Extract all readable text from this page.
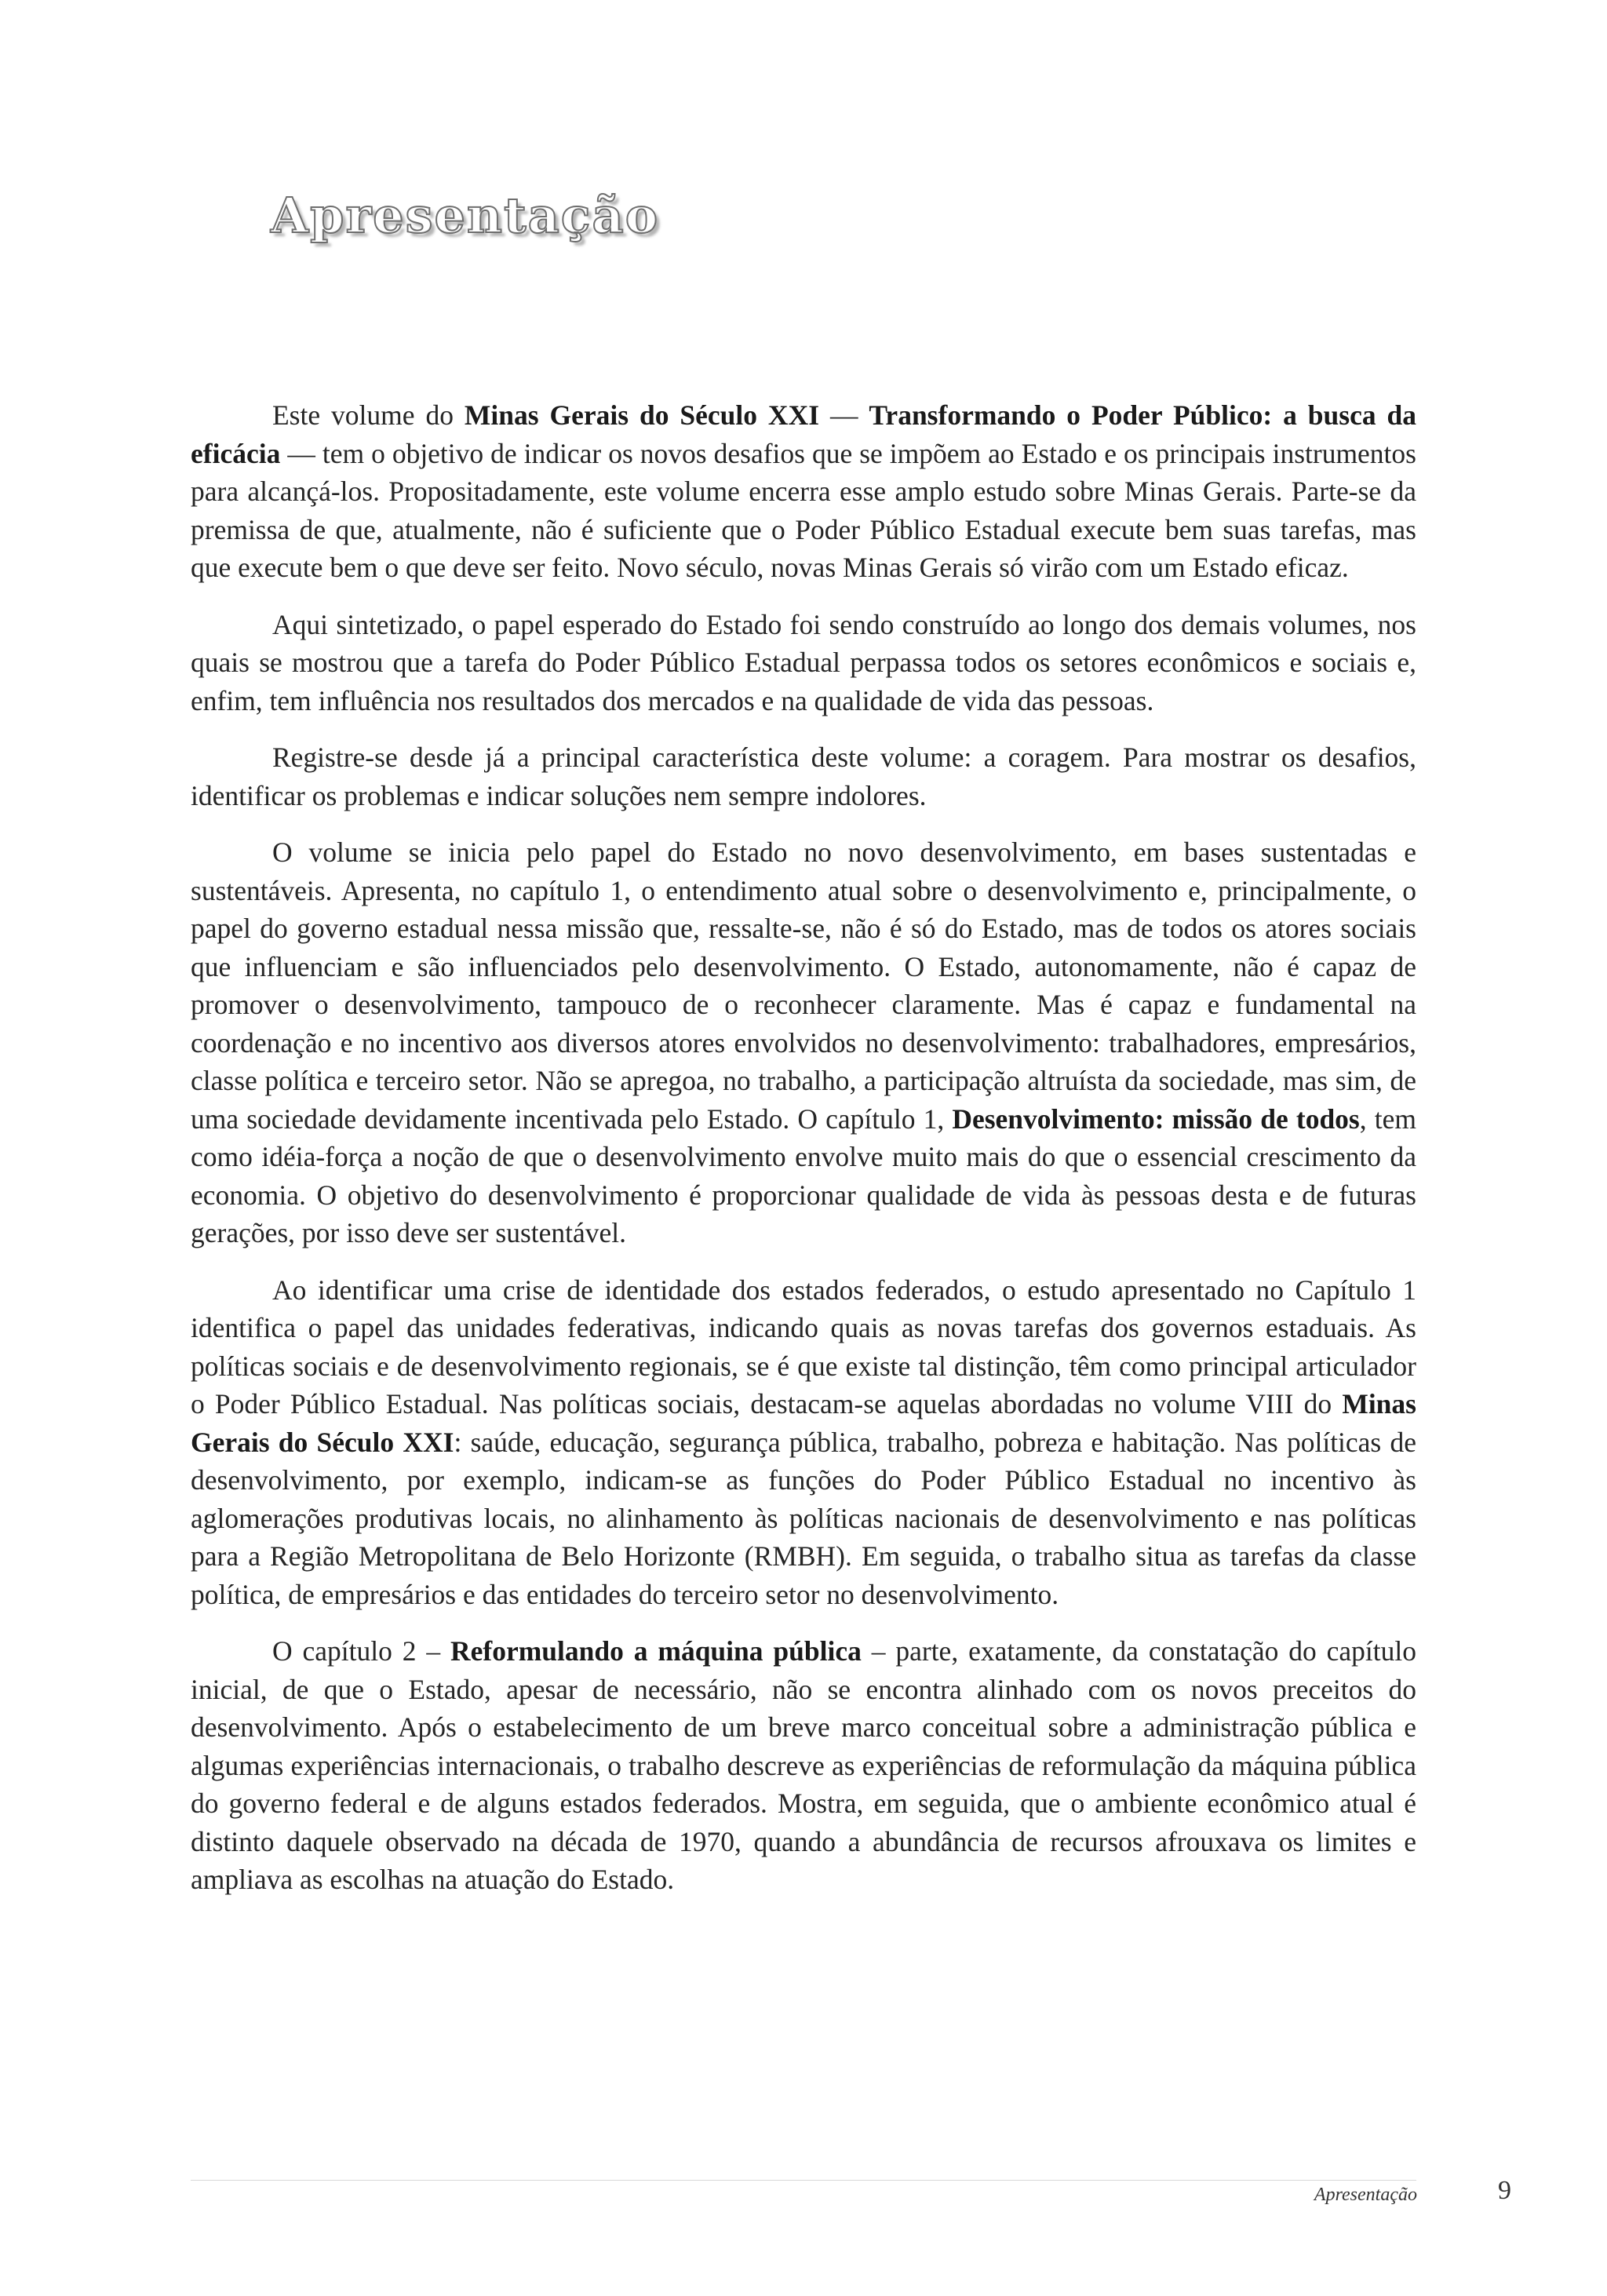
Apresentação

Este volume do Minas Gerais do Século XXI — Transformando o Poder Público: a busca da eficácia — tem o objetivo de indicar os novos desafios que se impõem ao Estado e os principais instrumentos para alcançá-los. Propositadamente, este volume encerra esse amplo estudo sobre Minas Gerais. Parte-se da premissa de que, atualmente, não é suficiente que o Poder Público Estadual execute bem suas tarefas, mas que execute bem o que deve ser feito. Novo século, novas Minas Gerais só virão com um Estado eficaz.

Aqui sintetizado, o papel esperado do Estado foi sendo construído ao longo dos demais volumes, nos quais se mostrou que a tarefa do Poder Público Estadual perpassa todos os setores econômicos e sociais e, enfim, tem influência nos resultados dos mercados e na qualidade de vida das pessoas.

Registre-se desde já a principal característica deste volume: a coragem. Para mostrar os desafios, identificar os problemas e indicar soluções nem sempre indolores.

O volume se inicia pelo papel do Estado no novo desenvolvimento, em bases sustentadas e sustentáveis. Apresenta, no capítulo 1, o entendimento atual sobre o desenvolvimento e, principalmente, o papel do governo estadual nessa missão que, ressalte-se, não é só do Estado, mas de todos os atores sociais que influenciam e são influenciados pelo desenvolvimento. O Estado, autonomamente, não é capaz de promover o desenvolvimento, tampouco de o reconhecer claramente. Mas é capaz e fundamental na coordenação e no incentivo aos diversos atores envolvidos no desenvolvimento: trabalhadores, empresários, classe política e terceiro setor. Não se apregoa, no trabalho, a participação altruísta da sociedade, mas sim, de uma sociedade devidamente incentivada pelo Estado. O capítulo 1, Desenvolvimento: missão de todos, tem como idéia-força a noção de que o desenvolvimento envolve muito mais do que o essencial crescimento da economia. O objetivo do desenvolvimento é proporcionar qualidade de vida às pessoas desta e de futuras gerações, por isso deve ser sustentável.

Ao identificar uma crise de identidade dos estados federados, o estudo apresentado no Capítulo 1 identifica o papel das unidades federativas, indicando quais as novas tarefas dos governos estaduais. As políticas sociais e de desenvolvimento regionais, se é que existe tal distinção, têm como principal articulador o Poder Público Estadual. Nas políticas sociais, destacam-se aquelas abordadas no volume VIII do Minas Gerais do Século XXI: saúde, educação, segurança pública, trabalho, pobreza e habitação. Nas políticas de desenvolvimento, por exemplo, indicam-se as funções do Poder Público Estadual no incentivo às aglomerações produtivas locais, no alinhamento às políticas nacionais de desenvolvimento e nas políticas para a Região Metropolitana de Belo Horizonte (RMBH). Em seguida, o trabalho situa as tarefas da classe política, de empresários e das entidades do terceiro setor no desenvolvimento.

O capítulo 2 – Reformulando a máquina pública – parte, exatamente, da constatação do capítulo inicial, de que o Estado, apesar de necessário, não se encontra alinhado com os novos preceitos do desenvolvimento. Após o estabelecimento de um breve marco conceitual sobre a administração pública e algumas experiências internacionais, o trabalho descreve as experiências de reformulação da máquina pública do governo federal e de alguns estados federados. Mostra, em seguida, que o ambiente econômico atual é distinto daquele observado na década de 1970, quando a abundância de recursos afrouxava os limites e ampliava as escolhas na atuação do Estado.

Apresentação	9
